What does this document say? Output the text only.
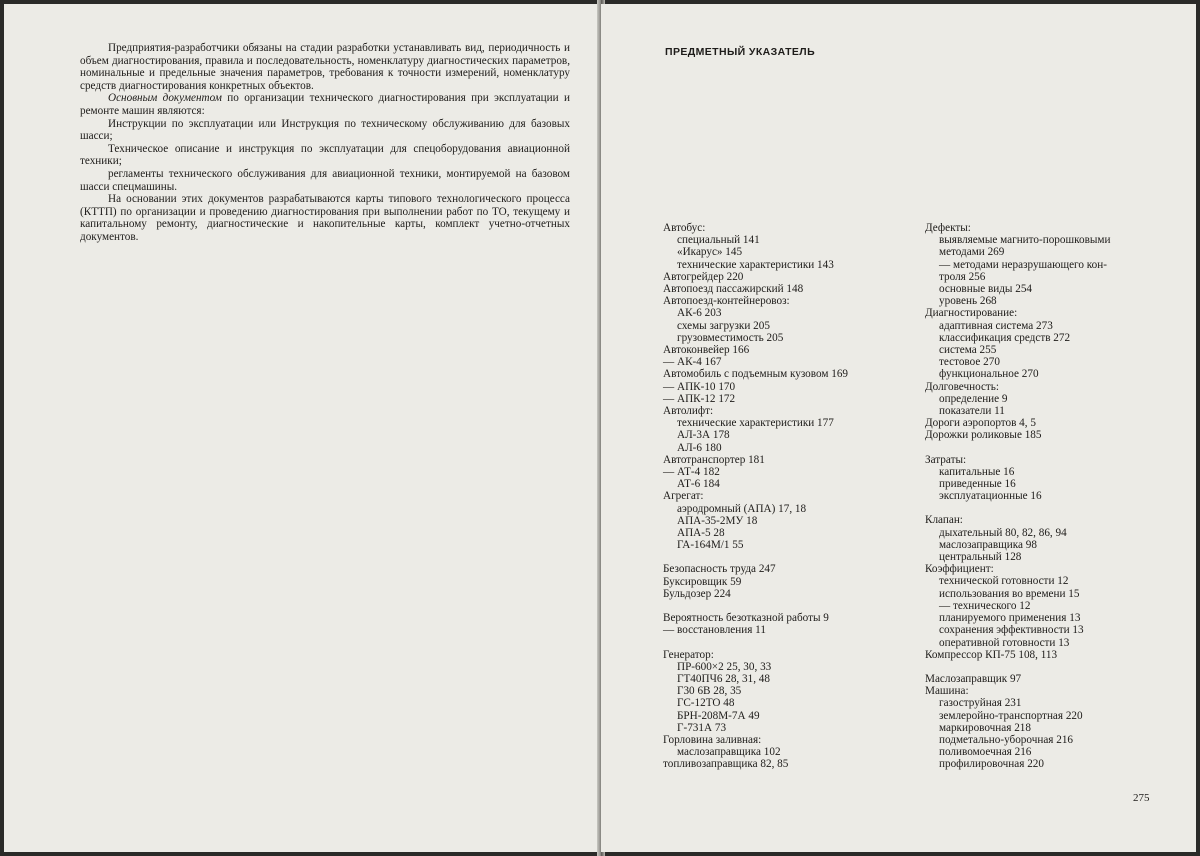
Предприятия-разработчики обязаны на стадии разработки устанавливать вид, периодичность и объем диагностирования, правила и последовательность, номенклатуру диагностических параметров, номинальные и предельные значения параметров, требования к точности измерений, номенклатуру средств диагностирования конкретных объектов.

Основным документом по организации технического диагностирования при эксплуатации и ремонте машин являются:

Инструкции по эксплуатации или Инструкция по техническому обслуживанию для базовых шасси;

Техническое описание и инструкция по эксплуатации для спецоборудования авиационной техники;

регламенты технического обслуживания для авиационной техники, монтируемой на базовом шасси спецмашины.

На основании этих документов разрабатываются карты типового технологического процесса (КТТП) по организации и проведению диагностирования при выполнении работ по ТО, текущему и капитальному ремонту, диагностические и накопительные карты, комплект учетно-отчетных документов.

ПРЕДМЕТНЫЙ УКАЗАТЕЛЬ
Автобус:
специальный 141
«Икарус» 145
технические характеристики 143
Автогрейдер 220
Автопоезд пассажирский 148
Автопоезд-контейнеровоз:
АК-6 203
схемы загрузки 205
грузовместимость 205
Автоконвейер 166
— АК-4 167
Автомобиль с подъемным кузовом 169
— АПК-10 170
— АПК-12 172
Автолифт:
технические характеристики 177
АЛ-3А 178
АЛ-6 180
Автотранспортер 181
— АТ-4 182
АТ-6 184
Агрегат:
аэродромный (АПА) 17, 18
АПА-35-2МУ 18
АПА-5 28
ГА-164М/1 55
Безопасность труда 247
Буксировщик 59
Бульдозер 224
Вероятность безотказной работы 9
— восстановления 11
Генератор:
ПР-600×2 25, 30, 33
ГТ40ПЧ6 28, 31, 48
Г30 6В 28, 35
ГС-12ТО 48
БРН-208М-7А 49
Г-731А 73
Горловина заливная:
маслозаправщика 102
топливозаправщика 82, 85
Дефекты:
выявляемые магнито-порошковыми
методами 269
— методами неразрушающего кон-
троля 256
основные виды 254
уровень 268
Диагностирование:
адаптивная система 273
классификация средств 272
система 255
тестовое 270
функциональное 270
Долговечность:
определение 9
показатели 11
Дороги аэропортов 4, 5
Дорожки роликовые 185
Затраты:
капитальные 16
приведенные 16
эксплуатационные 16
Клапан:
дыхательный 80, 82, 86, 94
маслозаправщика 98
центральный 128
Коэффициент:
технической готовности 12
использования во времени 15
— технического 12
планируемого применения 13
сохранения эффективности 13
оперативной готовности 13
Компрессор КП-75 108, 113
Маслозаправщик 97
Машина:
газоструйная 231
землеройно-транспортная 220
маркировочная 218
подметально-уборочная 216
поливомоечная 216
профилировочная 220
275
